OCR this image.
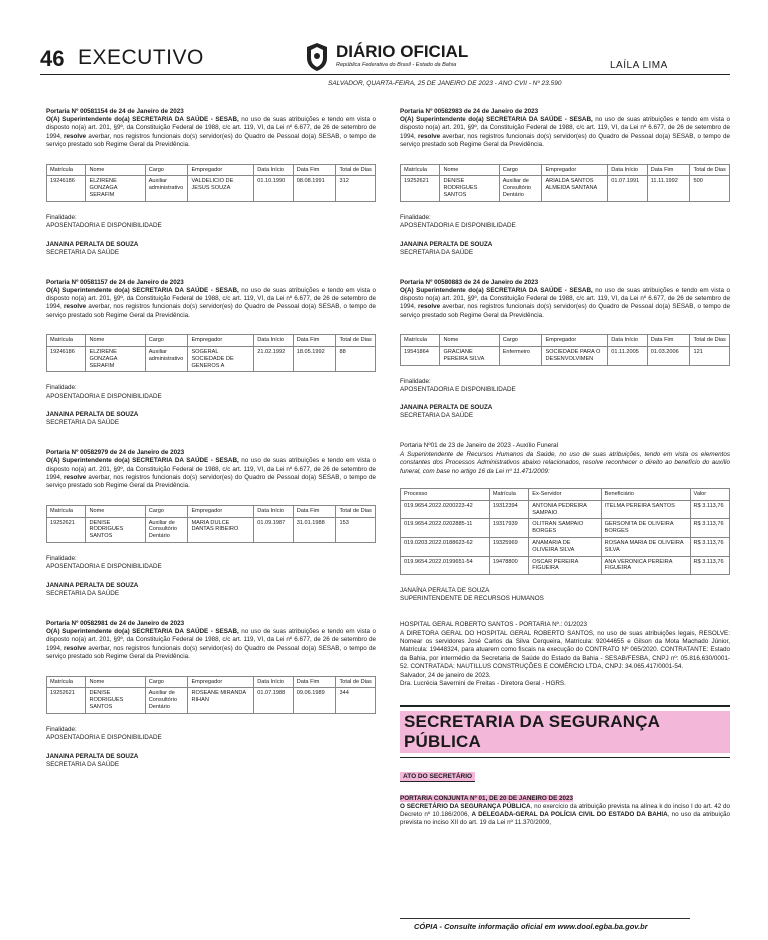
46 EXECUTIVO	DIÁRIO OFICIAL
República Federativa do Brasil - Estado da Bahia	LAÍLA LIMA
SALVADOR, QUARTA-FEIRA, 25 DE JANEIRO DE 2023 - ANO CVII - Nº 23.590
Portaria Nº 00581154 de 24 de Janeiro de 2023
O(A) Superintendente do(a) SECRETARIA DA SAÚDE - SESAB, no uso de suas atribuições e tendo em vista o disposto no(a) art. 201, §9º, da Constituição Federal de 1988, c/c art. 119, VI, da Lei nº 6.677, de 26 de setembro de 1994, resolve averbar, nos registros funcionais do(s) servidor(es) do Quadro de Pessoal do(a) SESAB, o tempo de serviço prestado sob Regime Geral da Previdência.
Matrícula	Nome	Cargo	Empregador	Data Início	Data Fim	Total de Dias
19246186	ELZIRENE GONZAGA SERAFIM	Auxiliar administrativo	VALDELICIO DE JESUS SOUZA	01.10.1990	08.08.1991	312
Finalidade:
APOSENTADORIA E DISPONIBILIDADE
JANAINA PERALTA DE SOUZA
SECRETARIA DA SAÚDE
Portaria Nº 00581157 de 24 de Janeiro de 2023
O(A) Superintendente do(a) SECRETARIA DA SAÚDE - SESAB, no uso de suas atribuições e tendo em vista o disposto no(a) art. 201, §9º, da Constituição Federal de 1988, c/c art. 119, VI, da Lei nº 6.677, de 26 de setembro de 1994, resolve averbar, nos registros funcionais do(s) servidor(es) do Quadro de Pessoal do(a) SESAB, o tempo de serviço prestado sob Regime Geral da Previdência.
Matrícula	Nome	Cargo	Empregador	Data Início	Data Fim	Total de Dias
19246186	ELZIRENE GONZAGA SERAFIM	Auxiliar administrativo	SOGERAL SOCIEDADE DE GENEROS A	21.02.1992	18.05.1992	88
Finalidade:
APOSENTADORIA E DISPONIBILIDADE
JANAINA PERALTA DE SOUZA
SECRETARIA DA SAÚDE
Portaria Nº 00582979 de 24 de Janeiro de 2023
O(A) Superintendente do(a) SECRETARIA DA SAÚDE - SESAB, no uso de suas atribuições e tendo em vista o disposto no(a) art. 201, §9º, da Constituição Federal de 1988, c/c art. 119, VI, da Lei nº 6.677, de 26 de setembro de 1994, resolve averbar, nos registros funcionais do(s) servidor(es) do Quadro de Pessoal do(a) SESAB, o tempo de serviço prestado sob Regime Geral da Previdência.
Matrícula	Nome	Cargo	Empregador	Data Início	Data Fim	Total de Dias
19252621	DENISE RODRIGUES SANTOS	Auxiliar de Consultório Dentário	MARIA DULCE DANTAS RIBEIRO	01.09.1987	31.01.1988	153
Finalidade:
APOSENTADORIA E DISPONIBILIDADE
JANAINA PERALTA DE SOUZA
SECRETARIA DA SAÚDE
Portaria Nº 00582981 de 24 de Janeiro de 2023
O(A) Superintendente do(a) SECRETARIA DA SAÚDE - SESAB, no uso de suas atribuições e tendo em vista o disposto no(a) art. 201, §9º, da Constituição Federal de 1988, c/c art. 119, VI, da Lei nº 6.677, de 26 de setembro de 1994, resolve averbar, nos registros funcionais do(s) servidor(es) do Quadro de Pessoal do(a) SESAB, o tempo de serviço prestado sob Regime Geral da Previdência.
Matrícula	Nome	Cargo	Empregador	Data Início	Data Fim	Total de Dias
19252621	DENISE RODRIGUES SANTOS	Auxiliar de Consultório Dentário	ROSEANE MIRANDA RIHAN	01.07.1988	09.06.1989	344
Finalidade:
APOSENTADORIA E DISPONIBILIDADE
JANAINA PERALTA DE SOUZA
SECRETARIA DA SAÚDE
Portaria Nº 00582983 de 24 de Janeiro de 2023
O(A) Superintendente do(a) SECRETARIA DA SAÚDE - SESAB, no uso de suas atribuições e tendo em vista o disposto no(a) art. 201, §9º, da Constituição Federal de 1988, c/c art. 119, VI, da Lei nº 6.677, de 26 de setembro de 1994, resolve averbar, nos registros funcionais do(s) servidor(es) do Quadro de Pessoal do(a) SESAB, o tempo de serviço prestado sob Regime Geral da Previdência.
Matrícula	Nome	Cargo	Empregador	Data Início	Data Fim	Total de Dias
19252621	DENISE RODRIGUES SANTOS	Auxiliar de Consultório Dentário	ARIALDA SANTOS ALMEIDA SANTANA	01.07.1991	11.11.1992	500
Finalidade:
APOSENTADORIA E DISPONIBILIDADE
JANAINA PERALTA DE SOUZA
SECRETARIA DA SAÚDE
Portaria Nº 00580883 de 24 de Janeiro de 2023
O(A) Superintendente do(a) SECRETARIA DA SAÚDE - SESAB, no uso de suas atribuições e tendo em vista o disposto no(a) art. 201, §9º, da Constituição Federal de 1988, c/c art. 119, VI, da Lei nº 6.677, de 26 de setembro de 1994, resolve averbar, nos registros funcionais do(s) servidor(es) do Quadro de Pessoal do(a) SESAB, o tempo de serviço prestado sob Regime Geral da Previdência.
Matrícula	Nome	Cargo	Empregador	Data Início	Data Fim	Total de Dias
19541864	GRACIANE PEREIRA SILVA	Enfermeiro	SOCIEDADE PARA O DESENVOLVIMEN	01.11.2005	01.03.2006	121
Finalidade:
APOSENTADORIA E DISPONIBILIDADE
JANAINA PERALTA DE SOUZA
SECRETARIA DA SAÚDE
Portaria Nº01 de 23 de Janeiro de 2023 - Auxílio Funeral
A Superintendente de Recursos Humanos da Saúde, no uso de suas atribuições, tendo em vista os elementos constantes dos Processos Administrativos abaixo relacionados, resolve reconhecer o direito ao benefício do auxílio funeral, com base no artigo 16 da Lei nº 11.471/2009:
Processo	Matrícula	Ex-Servidor	Beneficiário	Valor
019.9654.2022.0200223-42	19312394	ANTONIA PEDREIRA SAMPAIO	ITELMA PEREIRA SANTOS	R$ 3.113,76
019.9654.2022.0202885-11	19317939	OLITRAN SAMPAIO BORGES	GERSONITA DE OLIVEIRA BORGES	R$ 3.113,76
019.0203.2022.0188623-62	19325969	ANAMARIA DE OLIVEIRA SILVA	ROSANA MARIA DE OLIVEIRA SILVA	R$ 3.113,76
019.9654.2022.0199651-54	19478800	OSCAR PEREIRA FIGUEIRA	ANA VERONICA PEREIRA FIGUEIRA	R$ 3.113,76
JANAÍNA PERALTA DE SOUZA
SUPERINTENDENTE DE RECURSOS HUMANOS
HOSPITAL GERAL ROBERTO SANTOS - PORTARIA Nº.: 01/2023
A DIRETORA GERAL DO HOSPITAL GERAL ROBERTO SANTOS, no uso de suas atribuições legais, RESOLVE: Nomear os servidores José Carlos da Silva Cerqueira, Matrícula: 92044655 e Gilson da Mota Machado Júnior, Matrícula: 19448324, para atuarem como fiscais na execução do CONTRATO Nº 065/2020. CONTRATANTE: Estado da Bahia, por intermédio da Secretaria de Saúde do Estado da Bahia - SESAB/FESBA, CNPJ nº: 05.816.630/0001-52. CONTRATADA: NAUTILLUS CONSTRUÇÕES E COMÉRCIO LTDA, CNPJ: 34.065.417/0001-54.
Salvador, 24 de janeiro de 2023.
Dra. Lucrécia Savernini de Freitas - Diretora Geral - HGRS.
SECRETARIA DA SEGURANÇA PÚBLICA
ATO DO SECRETÁRIO
PORTARIA CONJUNTA Nº 01, DE 20 DE JANEIRO DE 2023
O SECRETÁRIO DA SEGURANÇA PÚBLICA, no exercício da atribuição prevista na alínea k do inciso I do art. 42 do Decreto nº 10.186/2006, A DELEGADA-GERAL DA POLÍCIA CIVIL DO ESTADO DA BAHIA, no uso da atribuição prevista no inciso XII do art. 19 da Lei nº 11.370/2009,
CÓPIA - Consulte informação oficial em www.dool.egba.ba.gov.br
